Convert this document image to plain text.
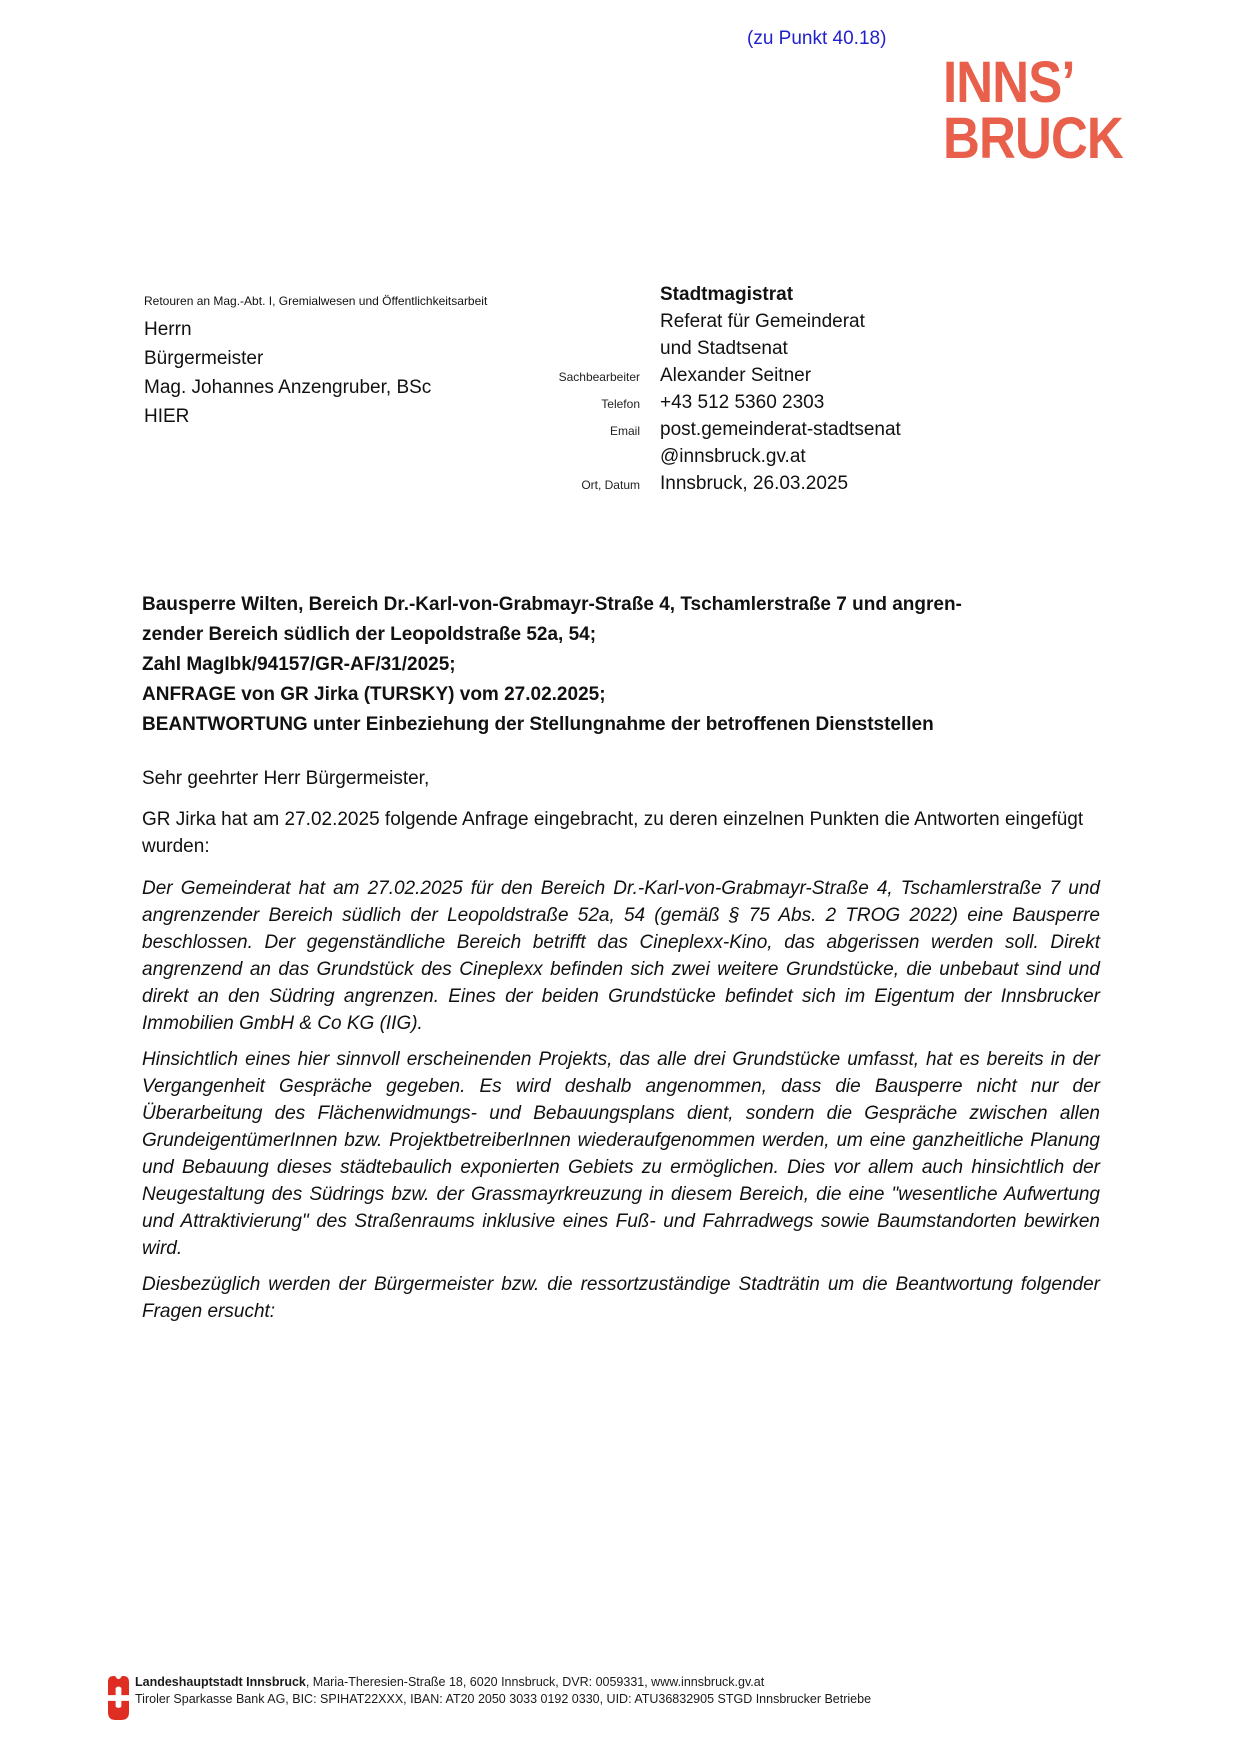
(zu Punkt 40.18)
INNS’
BRUCK
Retouren an Mag.-Abt. I, Gremialwesen und Öffentlichkeitsarbeit
Herrn
Bürgermeister
Mag. Johannes Anzengruber, BSc
HIER
Stadtmagistrat
Referat für Gemeinderat
und Stadtsenat
Sachbearbeiter	Alexander Seitner
Telefon	+43 512 5360 2303
Email	post.gemeinderat-stadtsenat
@innsbruck.gv.at
Ort, Datum	Innsbruck, 26.03.2025
Bausperre Wilten, Bereich Dr.-Karl-von-Grabmayr-Straße 4, Tschamlerstraße 7 und angren-
zender Bereich südlich der Leopoldstraße 52a, 54;
Zahl MagIbk/94157/GR-AF/31/2025;
ANFRAGE von GR Jirka (TURSKY) vom 27.02.2025;
BEANTWORTUNG unter Einbeziehung der Stellungnahme der betroffenen Dienststellen

Sehr geehrter Herr Bürgermeister,

GR Jirka hat am 27.02.2025 folgende Anfrage eingebracht, zu deren einzelnen Punkten die Antworten eingefügt wurden:

Der Gemeinderat hat am 27.02.2025 für den Bereich Dr.-Karl-von-Grabmayr-Straße 4, Tschamlerstraße 7 und angrenzender Bereich südlich der Leopoldstraße 52a, 54 (gemäß § 75 Abs. 2 TROG 2022) eine Bausperre beschlossen. Der gegenständliche Bereich betrifft das Cineplexx-Kino, das abgerissen werden soll. Direkt angrenzend an das Grundstück des Cineplexx befinden sich zwei weitere Grundstücke, die unbebaut sind und direkt an den Südring angrenzen. Eines der beiden Grundstücke befindet sich im Eigentum der Innsbrucker Immobilien GmbH & Co KG (IIG).

Hinsichtlich eines hier sinnvoll erscheinenden Projekts, das alle drei Grundstücke umfasst, hat es bereits in der Vergangenheit Gespräche gegeben. Es wird deshalb angenommen, dass die Bausperre nicht nur der Überarbeitung des Flächenwidmungs- und Bebauungsplans dient, sondern die Gespräche zwischen allen GrundeigentümerInnen bzw. ProjektbetreiberInnen wiederaufgenommen werden, um eine ganzheitliche Planung und Bebauung dieses städtebaulich exponierten Gebiets zu ermöglichen. Dies vor allem auch hinsichtlich der Neugestaltung des Südrings bzw. der Grassmayrkreuzung in diesem Bereich, die eine "wesentliche Aufwertung und Attraktivierung" des Straßenraums inklusive eines Fuß- und Fahrradwegs sowie Baumstandorten bewirken wird.

Diesbezüglich werden der Bürgermeister bzw. die ressortzuständige Stadträtin um die Beantwortung folgender Fragen ersucht:

Landeshauptstadt Innsbruck, Maria-Theresien-Straße 18, 6020 Innsbruck, DVR: 0059331, www.innsbruck.gv.at
Tiroler Sparkasse Bank AG, BIC: SPIHAT22XXX, IBAN: AT20 2050 3033 0192 0330, UID: ATU36832905 STGD Innsbrucker Betriebe
